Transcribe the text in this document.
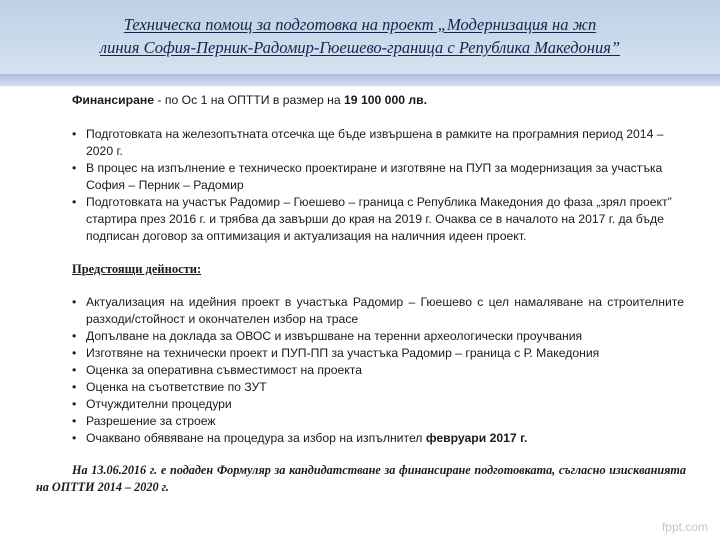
Техническа помощ за подготовка на проект „Модернизация на жп
линия София-Перник-Радомир-Гюешево-граница с Република Македония”
Финансиране - по Ос 1 на ОПТТИ в размер на 19 100 000 лв.
• Подготовката на железопътната отсечка ще бъде извършена в рамките на програмния период 2014 – 2020 г.
• В процес на изпълнение е техническо проектиране и изготвяне на ПУП за модернизация за участъка София – Перник – Радомир
• Подготовката на участък Радомир – Гюешево – граница с Република Македония до фаза „зрял проект” стартира през 2016 г. и трябва да завърши до края на 2019 г. Очаква се в началото на 2017 г. да бъде подписан договор за оптимизация и актуализация на наличния идеен проект.
Предстоящи дейности:
• Актуализация на идейния проект в участъка Радомир – Гюешево с цел намаляване на строителните разходи/стойност и окончателен избор на трасе
• Допълване на доклада за ОВОС и извършване на теренни археологически проучвания
• Изготвяне на технически проект и ПУП-ПП за участъка Радомир – граница с Р. Македония
• Оценка за оперативна съвместимост на проекта
• Оценка на съответствие по ЗУТ
• Отчуждителни процедури
• Разрешение за строеж
• Очаквано обявяване на процедура за избор на изпълнител февруари 2017 г.
На 13.06.2016 г. е подаден Формуляр за кандидатстване за финансиране подготовката, съгласно изискванията на ОПТТИ 2014 – 2020 г.
fppt.com
